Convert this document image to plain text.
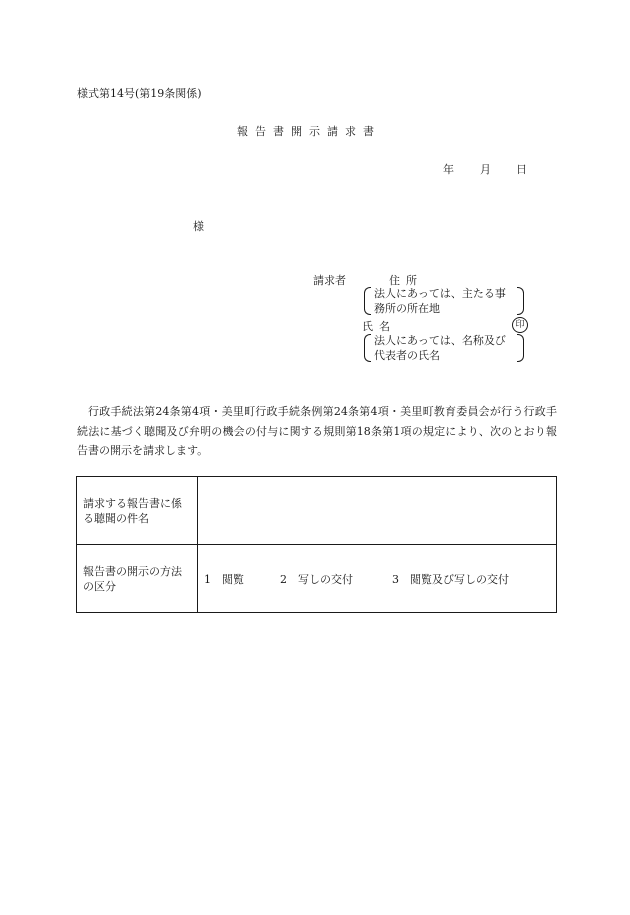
様式第14号(第19条関係)
報告書開示請求書
年 月 日
様
請求者	住所
法人にあっては、主たる事
務所の所在地
氏名	印
法人にあっては、名称及び
代表者の氏名
行政手続法第24条第4項・美里町行政手続条例第24条第4項・美里町教育委員会が行う行政手続法に基づく聴聞及び弁明の機会の付与に関する規則第18条第1項の規定により、次のとおり報告書の開示を請求します。
請求する報告書に係る聴聞の件名	
報告書の開示の方法の区分	1　閲覧 2　写しの交付 3　閲覧及び写しの交付
